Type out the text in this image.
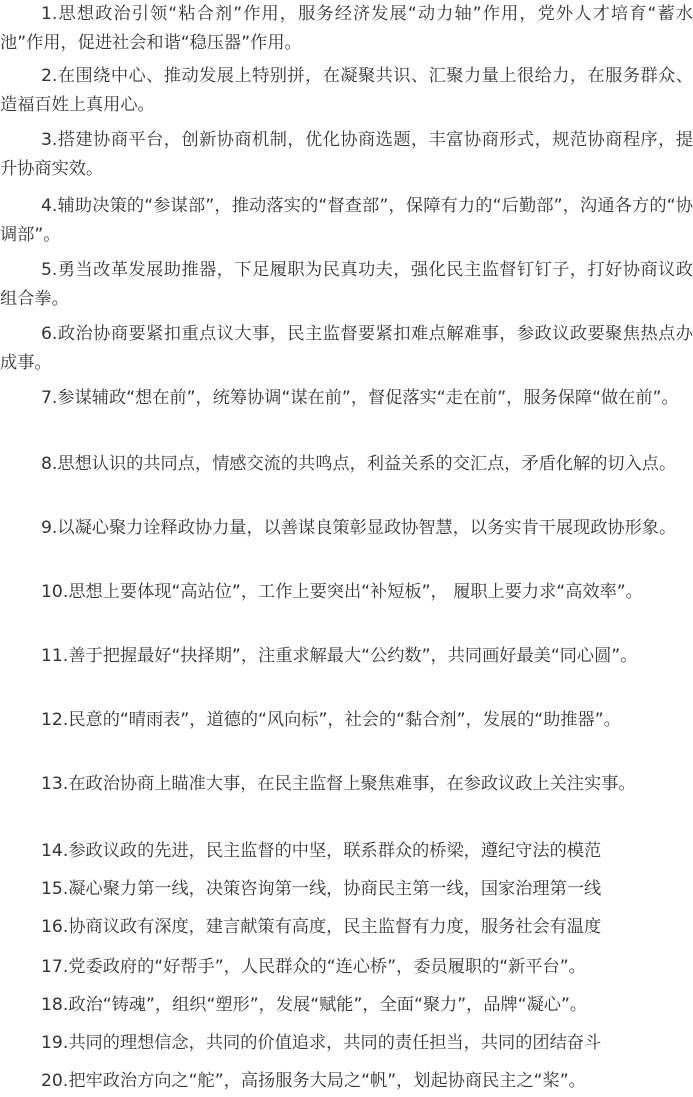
1.思想政治引领“粘合剂”作用，服务经济发展“动力轴”作用，党外人才培育“蓄水池”作用，促进社会和谐“稳压器”作用。

2.在围绕中心、推动发展上特别拼，在凝聚共识、汇聚力量上很给力，在服务群众、造福百姓上真用心。

3.搭建协商平台，创新协商机制，优化协商选题，丰富协商形式，规范协商程序，提升协商实效。

4.辅助决策的“参谋部”，推动落实的“督查部”，保障有力的“后勤部”，沟通各方的“协调部”。

5.勇当改革发展助推器，下足履职为民真功夫，强化民主监督钉钉子，打好协商议政组合拳。

6.政治协商要紧扣重点议大事，民主监督要紧扣难点解难事，参政议政要聚焦热点办成事。

7.参谋辅政“想在前”，统筹协调“谋在前”，督促落实“走在前”，服务保障“做在前”。

8.思想认识的共同点，情感交流的共鸣点，利益关系的交汇点，矛盾化解的切入点。

9.以凝心聚力诠释政协力量，以善谋良策彰显政协智慧，以务实肯干展现政协形象。

10.思想上要体现“高站位”，工作上要突出“补短板”， 履职上要力求“高效率”。

11.善于把握最好“抉择期”，注重求解最大“公约数”，共同画好最美“同心圆”。

12.民意的“晴雨表”，道德的“风向标”，社会的“黏合剂”，发展的“助推器”。

13.在政治协商上瞄准大事，在民主监督上聚焦难事，在参政议政上关注实事。

14.参政议政的先进，民主监督的中坚，联系群众的桥梁，遵纪守法的模范

15.凝心聚力第一线，决策咨询第一线，协商民主第一线，国家治理第一线

16.协商议政有深度，建言献策有高度，民主监督有力度，服务社会有温度

17.党委政府的“好帮手”，人民群众的“连心桥”，委员履职的“新平台”。

18.政治“铸魂”，组织“塑形”，发展“赋能”，全面“聚力”，品牌“凝心”。

19.共同的理想信念，共同的价值追求，共同的责任担当，共同的团结奋斗

20.把牢政治方向之“舵”，高扬服务大局之“帆”，划起协商民主之“桨”。
